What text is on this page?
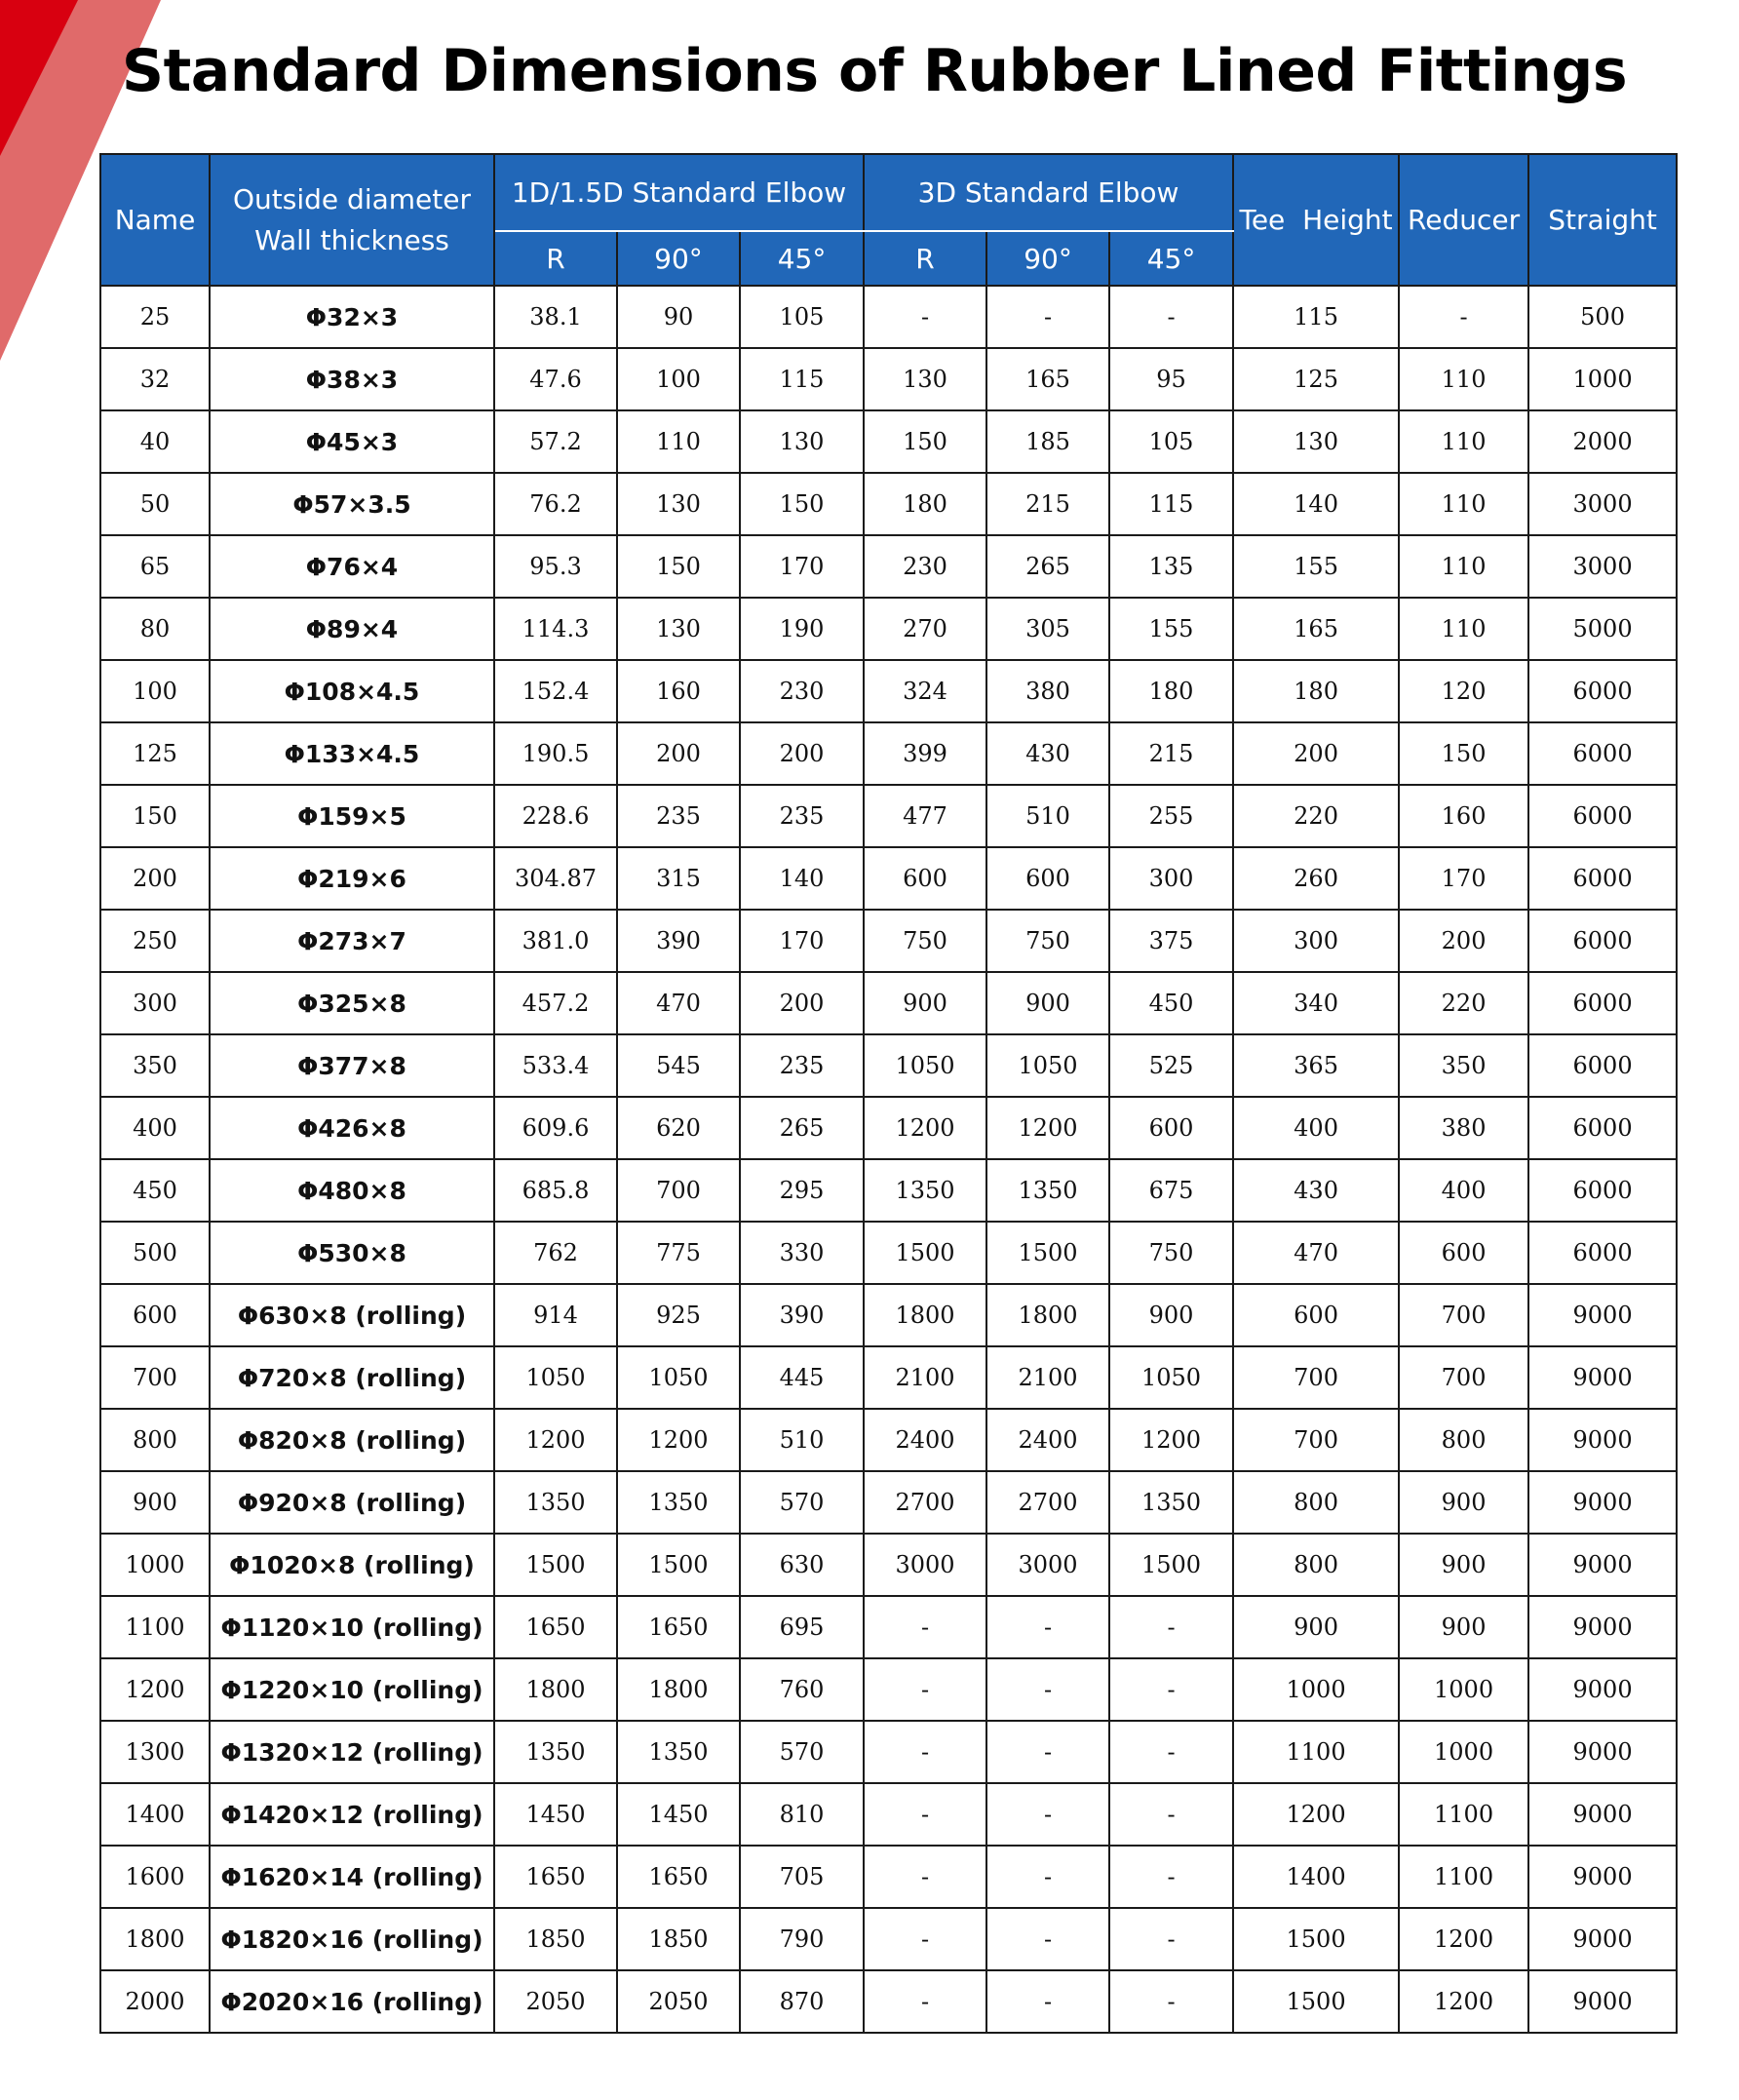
Standard Dimensions of Rubber Lined Fittings
Name	Outside diameter
Wall thickness	1D/1.5D Standard Elbow			3D Standard Elbow			Tee  Height	Reducer	Straight
		R	90°	45°	R	90°	45°			
25	Φ32×3	38.1	90	105	-	-	-	115	-	500
32	Φ38×3	47.6	100	115	130	165	95	125	110	1000
40	Φ45×3	57.2	110	130	150	185	105	130	110	2000
50	Φ57×3.5	76.2	130	150	180	215	115	140	110	3000
65	Φ76×4	95.3	150	170	230	265	135	155	110	3000
80	Φ89×4	114.3	130	190	270	305	155	165	110	5000
100	Φ108×4.5	152.4	160	230	324	380	180	180	120	6000
125	Φ133×4.5	190.5	200	200	399	430	215	200	150	6000
150	Φ159×5	228.6	235	235	477	510	255	220	160	6000
200	Φ219×6	304.87	315	140	600	600	300	260	170	6000
250	Φ273×7	381.0	390	170	750	750	375	300	200	6000
300	Φ325×8	457.2	470	200	900	900	450	340	220	6000
350	Φ377×8	533.4	545	235	1050	1050	525	365	350	6000
400	Φ426×8	609.6	620	265	1200	1200	600	400	380	6000
450	Φ480×8	685.8	700	295	1350	1350	675	430	400	6000
500	Φ530×8	762	775	330	1500	1500	750	470	600	6000
600	Φ630×8 (rolling)	914	925	390	1800	1800	900	600	700	9000
700	Φ720×8 (rolling)	1050	1050	445	2100	2100	1050	700	700	9000
800	Φ820×8 (rolling)	1200	1200	510	2400	2400	1200	700	800	9000
900	Φ920×8 (rolling)	1350	1350	570	2700	2700	1350	800	900	9000
1000	Φ1020×8 (rolling)	1500	1500	630	3000	3000	1500	800	900	9000
1100	Φ1120×10 (rolling)	1650	1650	695	-	-	-	900	900	9000
1200	Φ1220×10 (rolling)	1800	1800	760	-	-	-	1000	1000	9000
1300	Φ1320×12 (rolling)	1350	1350	570	-	-	-	1100	1000	9000
1400	Φ1420×12 (rolling)	1450	1450	810	-	-	-	1200	1100	9000
1600	Φ1620×14 (rolling)	1650	1650	705	-	-	-	1400	1100	9000
1800	Φ1820×16 (rolling)	1850	1850	790	-	-	-	1500	1200	9000
2000	Φ2020×16 (rolling)	2050	2050	870	-	-	-	1500	1200	9000
